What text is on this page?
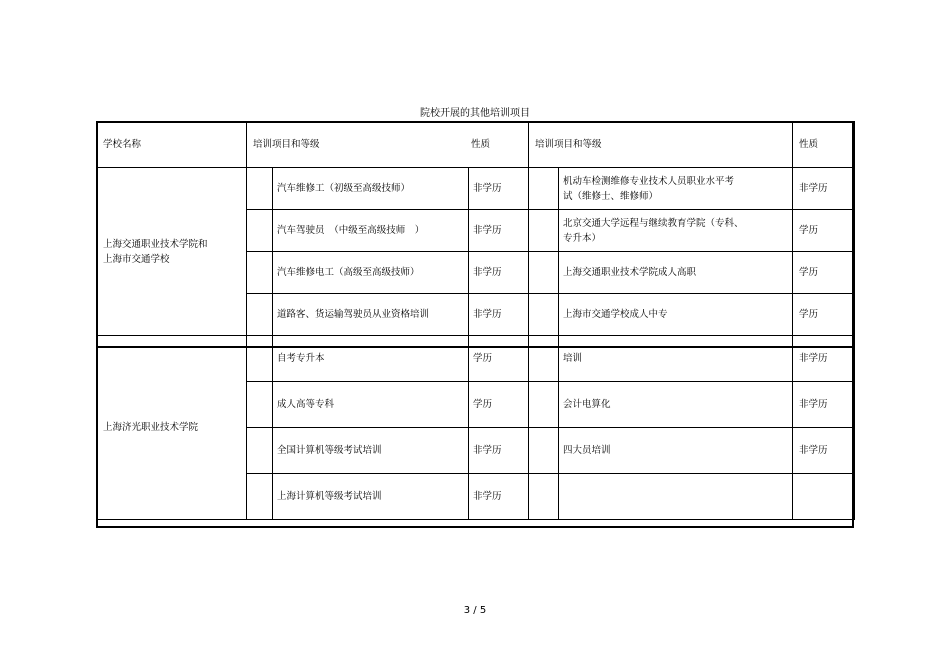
院校开展的其他培训项目
学校名称	培训项目和等级 性质			培训项目和等级		性质
上海交通职业技术学院和
上海市交通学校		汽车维修工（初级至高级技师）	非学历		机动车检测维修专业技术人员职业水平考
试（维修士、维修师）	非学历
		汽车驾驶员　（中级至高级技师　）	非学历		北京交通大学远程与继续教育学院（专科、
专升本）	学历
		汽车维修电工（高级至高级技师）	非学历		上海交通职业技术学院成人高职	学历
		道路客、货运输驾驶员从业资格培训	非学历		上海市交通学校成人中专	学历
上海济光职业技术学院		自考专升本	学历		培训	非学历
		成人高等专科	学历		会计电算化	非学历
		全国计算机等级考试培训	非学历		四大员培训	非学历
		上海计算机等级考试培训	非学历			
3 / 5
